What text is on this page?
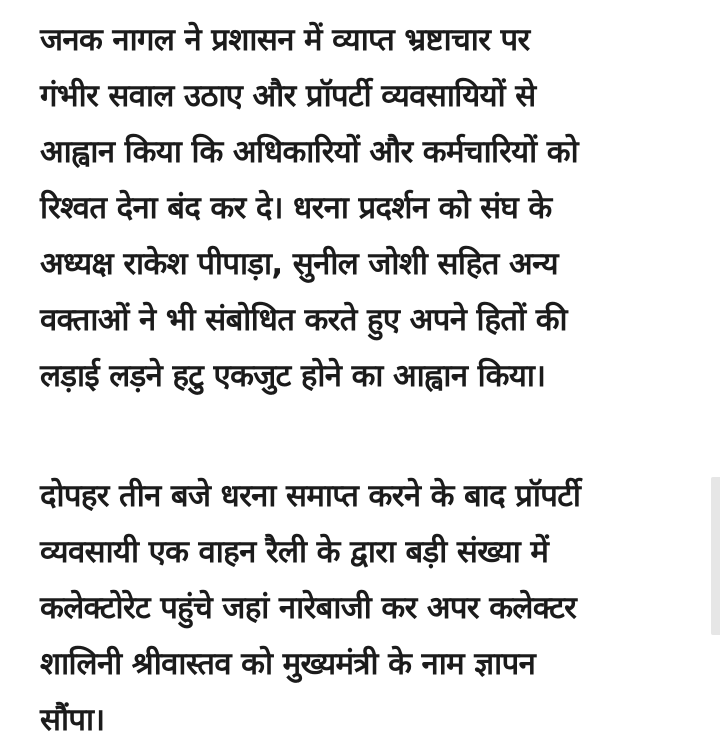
जनक नागल ने प्रशासन में व्याप्त भ्रष्टाचार पर
गंभीर सवाल उठाए और प्रॉपर्टी व्यवसायियों से
आह्वान किया कि अधिकारियों और कर्मचारियों को
रिश्वत देना बंद कर दे। धरना प्रदर्शन को संघ के
अध्यक्ष राकेश पीपाड़ा, सुनील जोशी सहित अन्य
वक्ताओं ने भी संबोधित करते हुए अपने हितों की
लड़ाई लड़ने हटु एकजुट होने का आह्वान किया।
दोपहर तीन बजे धरना समाप्त करने के बाद प्रॉपर्टी
व्यवसायी एक वाहन रैली के द्वारा बड़ी संख्या में
कलेक्टोरेट पहुंचे जहां नारेबाजी कर अपर कलेक्टर
शालिनी श्रीवास्तव को मुख्यमंत्री के नाम ज्ञापन
सौंपा।
